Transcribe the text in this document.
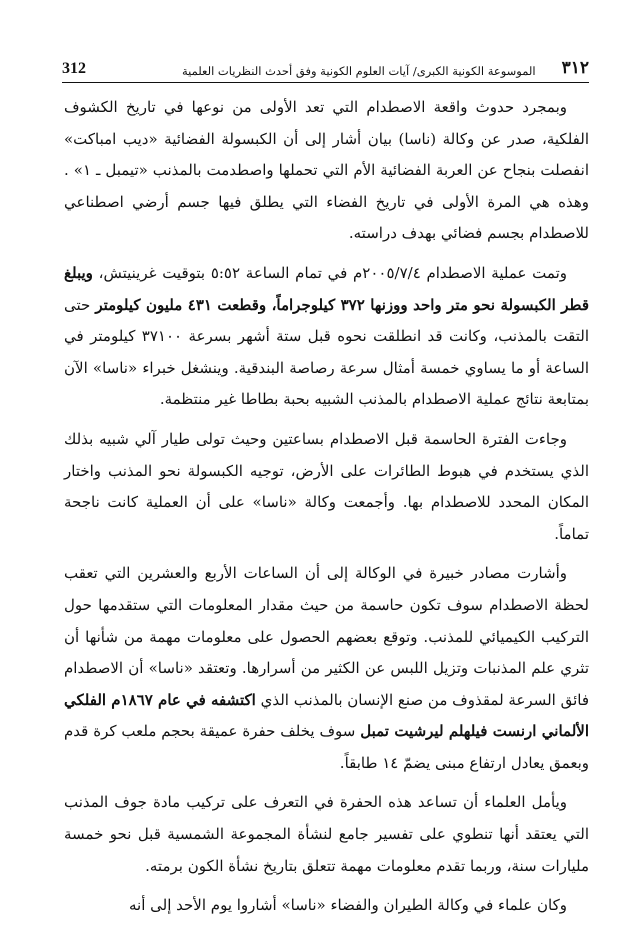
312	٣١٢
الموسوعة الكونية الكبرى/ آيات العلوم الكونية وفق أحدث النظريات العلمية

وبمجرد حدوث واقعة الاصطدام التي تعد الأولى من نوعها في تاريخ الكشوف الفلكية، صدر عن وكالة (ناسا) بيان أشار إلى أن الكبسولة الفضائية «ديب امباكت» انفصلت بنجاح عن العربة الفضائية الأم التي تحملها واصطدمت بالمذنب «تيمبل ـ ١» . وهذه هي المرة الأولى في تاريخ الفضاء التي يطلق فيها جسم أرضي اصطناعي للاصطدام بجسم فضائي بهدف دراسته.

وتمت عملية الاصطدام ٢٠٠٥/٧/٤م في تمام الساعة ٥:٥٢ بتوقيت غرينيتش، ويبلغ قطر الكبسولة نحو متر واحد ووزنها ٣٧٢ كيلوجراماً، وقطعت ٤٣١ مليون كيلومتر حتى التقت بالمذنب، وكانت قد انطلقت نحوه قبل ستة أشهر بسرعة ٣٧١٠٠ كيلومتر في الساعة أو ما يساوي خمسة أمثال سرعة رصاصة البندقية. وينشغل خبراء «ناسا» الآن بمتابعة نتائج عملية الاصطدام بالمذنب الشبيه بحبة بطاطا غير منتظمة.

وجاءت الفترة الحاسمة قبل الاصطدام بساعتين وحيث تولى طيار آلي شبيه بذلك الذي يستخدم في هبوط الطائرات على الأرض، توجيه الكبسولة نحو المذنب واختار المكان المحدد للاصطدام بها. وأجمعت وكالة «ناسا» على أن العملية كانت ناجحة تماماً.

وأشارت مصادر خبيرة في الوكالة إلى أن الساعات الأربع والعشرين التي تعقب لحظة الاصطدام سوف تكون حاسمة من حيث مقدار المعلومات التي ستقدمها حول التركيب الكيميائي للمذنب. وتوقع بعضهم الحصول على معلومات مهمة من شأنها أن تثري علم المذنبات وتزيل اللبس عن الكثير من أسرارها. وتعتقد «ناسا» أن الاصطدام فائق السرعة لمقذوف من صنع الإنسان بالمذنب الذي اكتشفه في عام ١٨٦٧م الفلكي الألماني ارنست فيلهلم ليرشيت تمبل سوف يخلف حفرة عميقة بحجم ملعب كرة قدم وبعمق يعادل ارتفاع مبنى يضمّ ١٤ طابقاً.

ويأمل العلماء أن تساعد هذه الحفرة في التعرف على تركيب مادة جوف المذنب التي يعتقد أنها تنطوي على تفسير جامع لنشأة المجموعة الشمسية قبل نحو خمسة مليارات سنة، وربما تقدم معلومات مهمة تتعلق بتاريخ نشأة الكون برمته.

وكان علماء في وكالة الطيران والفضاء «ناسا» أشاروا يوم الأحد إلى أنه
